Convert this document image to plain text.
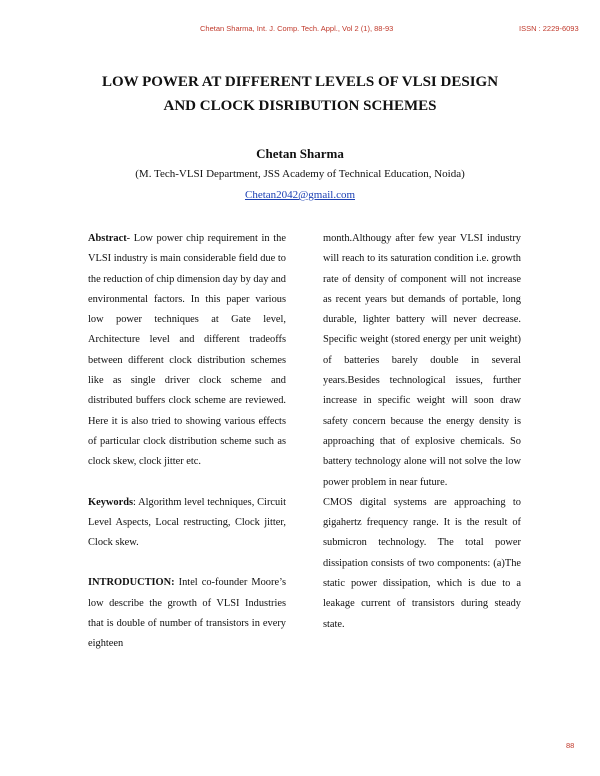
Chetan Sharma, Int. J. Comp. Tech. Appl., Vol 2 (1), 88-93	ISSN : 2229-6093
LOW POWER AT DIFFERENT LEVELS OF VLSI DESIGN
AND CLOCK DISRIBUTION SCHEMES
Chetan Sharma
(M. Tech-VLSI Department, JSS Academy of Technical Education, Noida)
Chetan2042@gmail.com

Abstract- Low power chip requirement in the VLSI industry is main considerable field due to the reduction of chip dimension day by day and environmental factors. In this paper various low power techniques at Gate level, Architecture level and different tradeoffs between different clock distribution schemes like as single driver clock scheme and distributed buffers clock scheme are reviewed. Here it is also tried to showing various effects of particular clock distribution scheme such as clock skew, clock jitter etc.

Keywords: Algorithm level techniques, Circuit Level Aspects, Local restructing, Clock jitter, Clock skew.

INTRODUCTION: Intel co-founder Moore’s low describe the growth of VLSI Industries that is double of number of transistors in every eighteen

month.Althougy after few year VLSI industry will reach to its saturation condition i.e. growth rate of density of component will not increase as recent years but demands of portable, long durable, lighter battery will never decrease. Specific weight (stored energy per unit weight) of batteries barely double in several years.Besides technological issues, further increase in specific weight will soon draw safety concern because the energy density is approaching that of explosive chemicals. So battery technology alone will not solve the low power problem in near future.

CMOS digital systems are approaching to gigahertz frequency range. It is the result of submicron technology. The total power dissipation consists of two components: (a)The static power dissipation, which is due to a leakage current of transistors during steady state.

88
